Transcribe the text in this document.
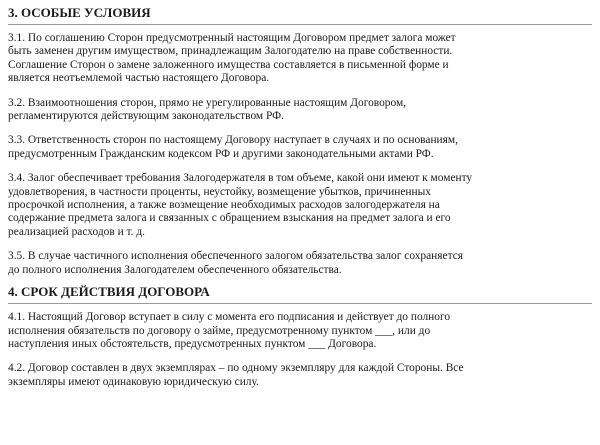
3. ОСОБЫЕ УСЛОВИЯ

3.1. По соглашению Сторон предусмотренный настоящим Договором предмет залога может
быть заменен другим имуществом, принадлежащим Залогодателю на праве собственности.
Соглашение Сторон о замене заложенного имущества составляется в письменной форме и
является неотъемлемой частью настоящего Договора.

3.2. Взаимоотношения сторон, прямо не урегулированные настоящим Договором,
регламентируются действующим законодательством РФ.

3.3. Ответственность сторон по настоящему Договору наступает в случаях и по основаниям,
предусмотренным Гражданским кодексом РФ и другими законодательными актами РФ.

3.4. Залог обеспечивает требования Залогодержателя в том объеме, какой они имеют к моменту
удовлетворения, в частности проценты, неустойку, возмещение убытков, причиненных
просрочкой исполнения, а также возмещение необходимых расходов залогодержателя на
содержание предмета залога и связанных с обращением взыскания на предмет залога и его
реализацией расходов и т. д.

3.5. В случае частичного исполнения обеспеченного залогом обязательства залог сохраняется
до полного исполнения Залогодателем обеспеченного обязательства.

4. СРОК ДЕЙСТВИЯ ДОГОВОРА

4.1. Настоящий Договор вступает в силу с момента его подписания и действует до полного
исполнения обязательств по договору о займе, предусмотренному пунктом ___, или до
наступления иных обстоятельств, предусмотренных пунктом ___ Договора.

4.2. Договор составлен в двух экземплярах – по одному экземпляру для каждой Стороны. Все
экземпляры имеют одинаковую юридическую силу.
